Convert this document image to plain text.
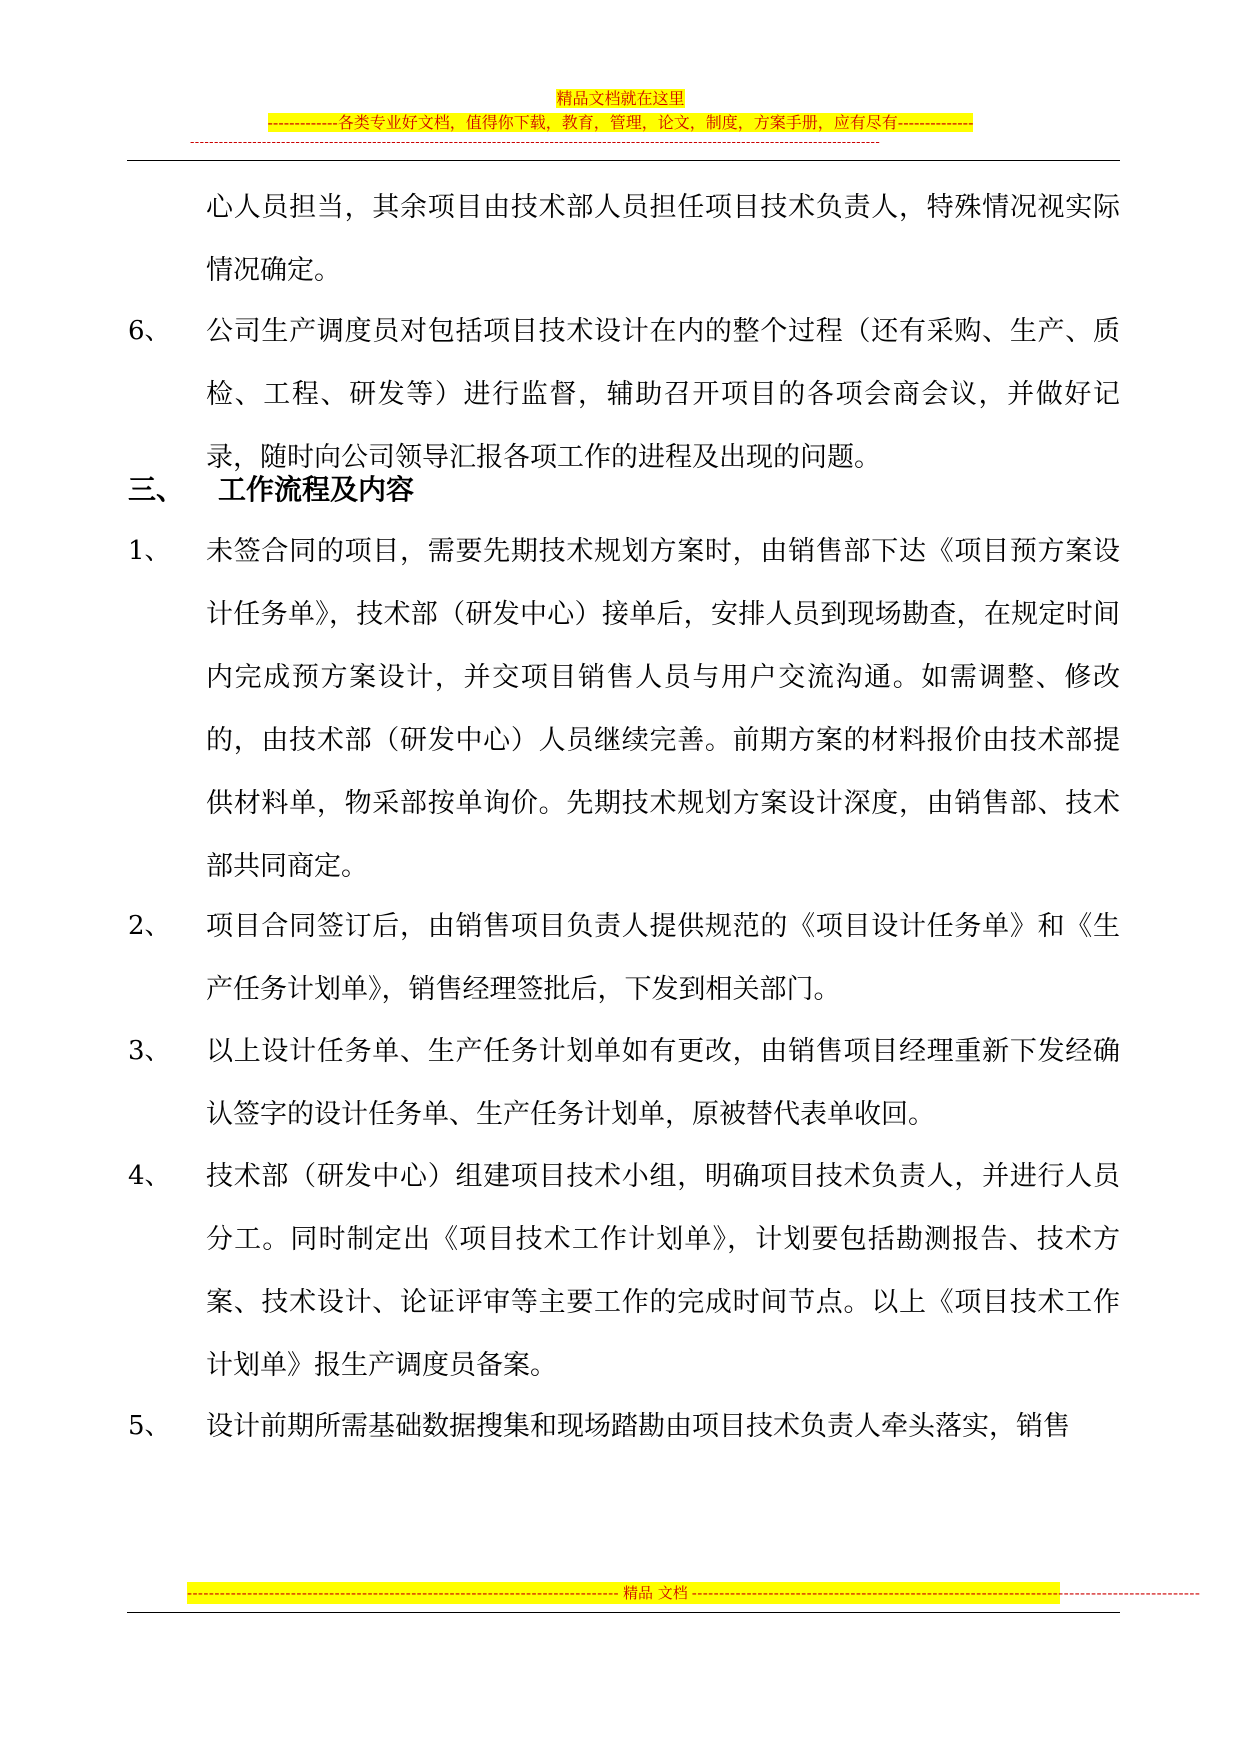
精品文档就在这里
-------------各类专业好文档，值得你下载，教育，管理，论文，制度，方案手册，应有尽有--------------
------------------------------------------------------------------------------------------------------------------------------------------------

心人员担当，其余项目由技术部人员担任项目技术负责人，特殊情况视实际情况确定。

6、 公司生产调度员对包括项目技术设计在内的整个过程（还有采购、生产、质检、工程、研发等）进行监督，辅助召开项目的各项会商会议，并做好记录，随时向公司领导汇报各项工作的进程及出现的问题。

三、 工作流程及内容
1、 未签合同的项目，需要先期技术规划方案时，由销售部下达《项目预方案设计任务单》，技术部（研发中心）接单后，安排人员到现场勘查，在规定时间内完成预方案设计，并交项目销售人员与用户交流沟通。如需调整、修改的，由技术部（研发中心）人员继续完善。前期方案的材料报价由技术部提供材料单，物采部按单询价。先期技术规划方案设计深度，由销售部、技术部共同商定。

2、 项目合同签订后，由销售项目负责人提供规范的《项目设计任务单》和《生产任务计划单》，销售经理签批后，下发到相关部门。

3、 以上设计任务单、生产任务计划单如有更改，由销售项目经理重新下发经确认签字的设计任务单、生产任务计划单，原被替代表单收回。

4、 技术部（研发中心）组建项目技术小组，明确项目技术负责人，并进行人员分工。同时制定出《项目技术工作计划单》，计划要包括勘测报告、技术方案、技术设计、论证评审等主要工作的完成时间节点。以上《项目技术工作计划单》报生产调度员备案。

5、 设计前期所需基础数据搜集和现场踏勘由项目技术负责人牵头落实，销售

------------------------------------------------------------------------------- 精品 文档 ---------------------------------------------------------------------------------------------
